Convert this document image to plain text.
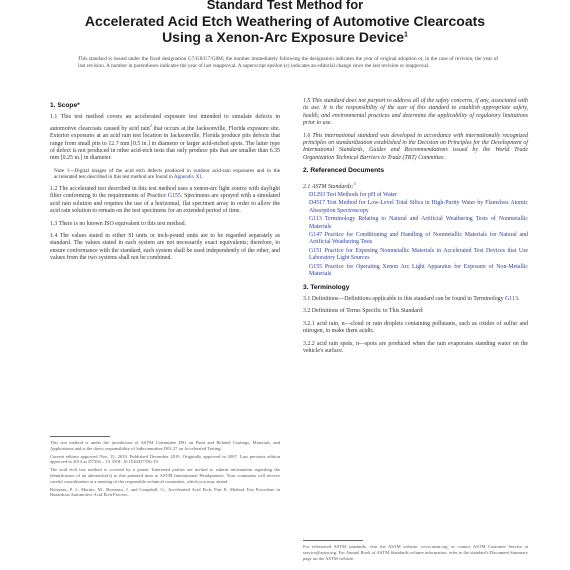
Standard Test Method for
Accelerated Acid Etch Weathering of Automotive Clearcoats
Using a Xenon-Arc Exposure Device$^1$
This standard is issued under the fixed designation G7/G8/G7/G8M; the number immediately following the designation indicates the year of original adoption or, in the case of revision, the year of last revision. A number in parentheses indicates the year of last reapproval. A superscript epsilon (ε) indicates an editorial change since the last revision or reapproval.
1. Scope*
1.1 This test method covers an accelerated exposure test intended to simulate defects in automotive clearcoats caused by acid rain$^2$ that occurs at the Jacksonville, Florida exposure site. Exterior exposures at an acid rain test location in Jacksonville, Florida produce pits defects that range from small pits to 12.7 mm [0.5 in.] in diameter or larger acid-etched spots. The latter type of defect is not produced in other acid-etch tests that only produce pits that are smaller than 6.35 mm [0.25 in.] in diameter.
Note 1—Digital images of the acid etch defects produced in outdoor acid-rain exposures and in the accelerated test described in this test method are found in Appendix X1.
1.2 The accelerated test described in this test method uses a xenon-arc light source with daylight filter conforming to the requirements of Practice G155. Specimens are sprayed with a simulated acid rain solution and requires the use of a horizontal, flat specimen array in order to allow the acid rain solution to remain on the test specimens for an extended period of time.
1.3 There is no known ISO equivalent to this test method.
1.4 The values stated in either SI units or inch-pound units are to be regarded separately as standard. The values stated in each system are not necessarily exact equivalents; therefore, to ensure conformance with the standard, each system shall be used independently of the other, and values from the two systems shall not be combined.
This test method is under the jurisdiction of ASTM Committee D01 on Paint and Related Coatings, Materials, and Applications and is the direct responsibility of Subcommittee D01.27 on Accelerated Testing.
Current edition approved Nov. 15, 2019. Published December 2019. Originally approved in 2007. Last previous edition approved in 2013 as D7356 – 13. DOI: 10.1520/D7356-19.
The acid etch test method is covered by a patent. Interested parties are invited to submit information regarding the identification of an alternative(s) to this patented item to ASTM International Headquarters. Your comments will receive careful consideration at a meeting of the responsible technical committee, which you may attend.
Boisseau, P. J., Marino, M., Boisseau, J. and Campbell, G., Accelerated Acid Etch, Part II: Method Test Procedure in Hazardous Automotive Acid Etch Process...
1.5 This standard does not purport to address all of the safety concerns, if any, associated with its use. It is the responsibility of the user of this standard to establish appropriate safety, health, and environmental practices and determine the applicability of regulatory limitations prior to use.
1.6 This international standard was developed in accordance with internationally recognized principles on standardization established in the Decision on Principles for the Development of International Standards, Guides and Recommendations issued by the World Trade Organization Technical Barriers to Trade (TBT) Committee.
2. Referenced Documents
2.1 ASTM Standards:$^3$
D1293 Test Methods for pH of Water
D4517 Test Method for Low-Level Total Silica in High-Purity Water by Flameless Atomic Absorption Spectroscopy
G113 Terminology Relating to Natural and Artificial Weathering Tests of Nonmetallic Materials
G147 Practice for Conditioning and Handling of Nonmetallic Materials for Natural and Artificial Weathering Tests
G151 Practice for Exposing Nonmetallic Materials in Accelerated Test Devices that Use Laboratory Light Sources
G155 Practice for Operating Xenon Arc Light Apparatus for Exposure of Non-Metallic Materials
3. Terminology
3.1 Definitions—Definitions applicable to this standard can be found in Terminology G113.
3.2 Definitions of Terms Specific to This Standard:
3.2.1 acid rain, n—cloud or rain droplets containing pollutants, such as oxides of sulfur and nitrogen, to make them acidic.
3.2.2 acid rain spots, n—spots are produced when the rain evaporates standing water on the vehicle's surface.
For referenced ASTM standards, visit the ASTM website, www.astm.org, or contact ASTM Customer Service at service@astm.org. For Annual Book of ASTM Standards volume information, refer to the standard's Document Summary page on the ASTM website.
